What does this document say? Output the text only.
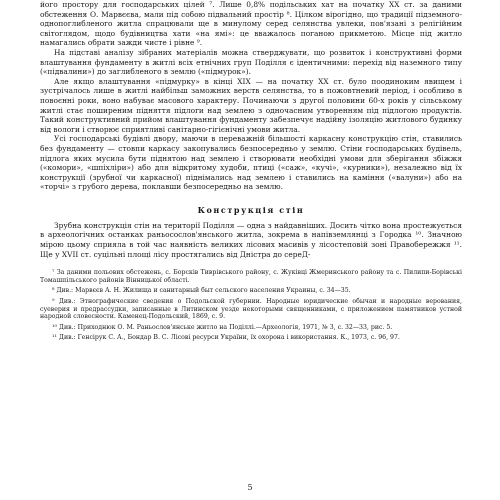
його простору для господарських цілей ⁷. Лише 0,8% подільських хат на початку XX ст. за даними обстеження О. Марвєєва, мали під собою підвальний простір ⁸. Цілком вірогідно, що традиції підземного-однопоглибленого житла спрацювали ще в минулому серед селянства увлеки, пов'язані з релігійним світоглядом, щодо будівництва хати «на ямі»: це вважалось поганою прикметою. Місце під житло намагались обрати зажди чисте і рівне ⁹.

На підставі аналізу зібраних матеріалів можна стверджувати, що розвиток і конструктивні форми влаштування фундаменту в житлі всіх етнічних груп Поділля є ідентичними: перехід від наземного типу («підвалини») до заглибленого в землю («підмурок»).

Але якщо влаштування «підмурку» в кінці XIX — на початку XX ст. було поодиноким явищем і зустрічалось лише в житлі найбільш заможних верств селянства, то в пожовтневий період, і особливо в повоєнні роки, воно набуває масового характеру. Починаючи з другої половини 60-х років у сільському житлі стає поширеним підняття підлоги над землею з одночасним утворенням під підлогою продуктів. Такий конструктивний прийом влаштування фундаменту забезпечує надійну ізоляцію житлового будинку від вологи і створює сприятливі санітарно-гігієнічні умови житла.

Усі господарські будівлі двору, маючи в переважній більшості каркасну конструкцію стін, ставились без фундаменту — стовпи каркасу закопувались безпосередньо у землю. Стіни господарських будівель, підлога яких мусила бути піднятою над землею і створювати необхідні умови для зберігання збіжжя («комори», «шпіхліри») або для відкритому худоби, птиці («саж», «кучі», «курники»), незалежно від їх конструкції (зрубної чи каркасної) піднімались над землею і ставились на каміння («валуни») або на «торчі» з грубого дерева, поклавши безпосередньо на землю.

Конструкція стін

Зрубна конструкція стін на території Поділля — одна з найдавніших. Досить чітко вона простежується в археологічних останках раньосослов'янського житла, зокрема в напівземлянці з Городка ¹⁰. Значною мірою цьому сприяла в той час наявність великих лісових масивів у лісостеповій зоні Правобережжя ¹¹. Ще у XVII ст. суцільні площі лісу простягались від Дністра до сереД-

⁷ За даними польових обстежень, с. Борсків Тиврівського району, с. Жуківці Жмеринського району та с. Пилипи-Борівські Томашпільського районів Вінницької області.

⁸ Див.: Марвєєв А. Н. Жилища и санитарный быт сельского населения Украины, с. 34—35.

⁹ Див.: Этнографические сведения о Подольской губернии. Народные юридические обычаи и народные верования, суеверия и предрассудки, записанные в Литинском уезде некоторыми священниками, с приложением памятников устной народной словесности. Каменец-Подольский, 1869, с. 9.

¹⁰ Див.: Приходнюк О. М. Раньослов'янське житло на Поділлі.—Археологія, 1971, № 3, с. 32—33, рис. 5.

¹¹ Див.: Генсірук С. А., Бондар В. С. Лісові ресурси України, їх охорона і використання. К., 1973, с. 96, 97.

5
